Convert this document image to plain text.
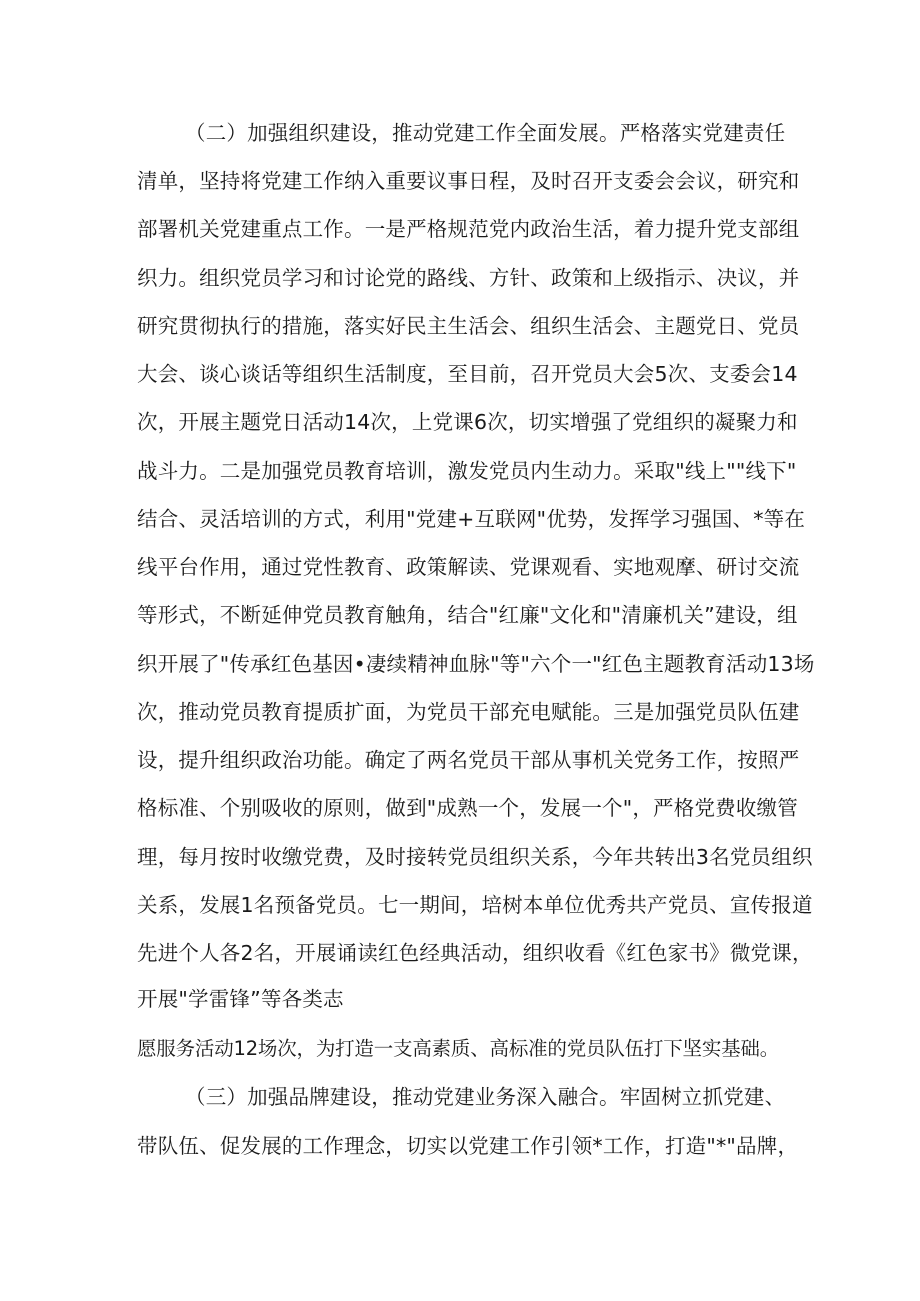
（二）加强组织建设，推动党建工作全面发展。严格落实党建责任
清单，坚持将党建工作纳入重要议事日程，及时召开支委会会议，研究和
部署机关党建重点工作。一是严格规范党内政治生活，着力提升党支部组
织力。组织党员学习和讨论党的路线、方针、政策和上级指示、决议，并
研究贯彻执行的措施，落实好民主生活会、组织生活会、主题党日、党员
大会、谈心谈话等组织生活制度，至目前，召开党员大会5次、支委会14
次，开展主题党日活动14次，上党课6次，切实增强了党组织的凝聚力和
战斗力。二是加强党员教育培训，激发党员内生动力。采取"线上""线下"
结合、灵活培训的方式，利用"党建+互联网"优势，发挥学习强国、*等在
线平台作用，通过党性教育、政策解读、党课观看、实地观摩、研讨交流
等形式，不断延伸党员教育触角，结合"红廉"文化和"清廉机关”建设，组
织开展了"传承红色基因•凄续精神血脉"等"六个一"红色主题教育活动13场
次，推动党员教育提质扩面，为党员干部充电赋能。三是加强党员队伍建
设，提升组织政治功能。确定了两名党员干部从事机关党务工作，按照严
格标准、个别吸收的原则，做到"成熟一个，发展一个"，严格党费收缴管
理，每月按时收缴党费，及时接转党员组织关系，今年共转出3名党员组织
关系，发展1名预备党员。七一期间，培树本单位优秀共产党员、宣传报道
先进个人各2名，开展诵读红色经典活动，组织收看《红色家书》微党课，
开展"学雷锋”等各类志
愿服务活动12场次，为打造一支高素质、高标准的党员队伍打下坚实基础。
（三）加强品牌建设，推动党建业务深入融合。牢固树立抓党建、
带队伍、促发展的工作理念，切实以党建工作引领*工作，打造"*"品牌，
